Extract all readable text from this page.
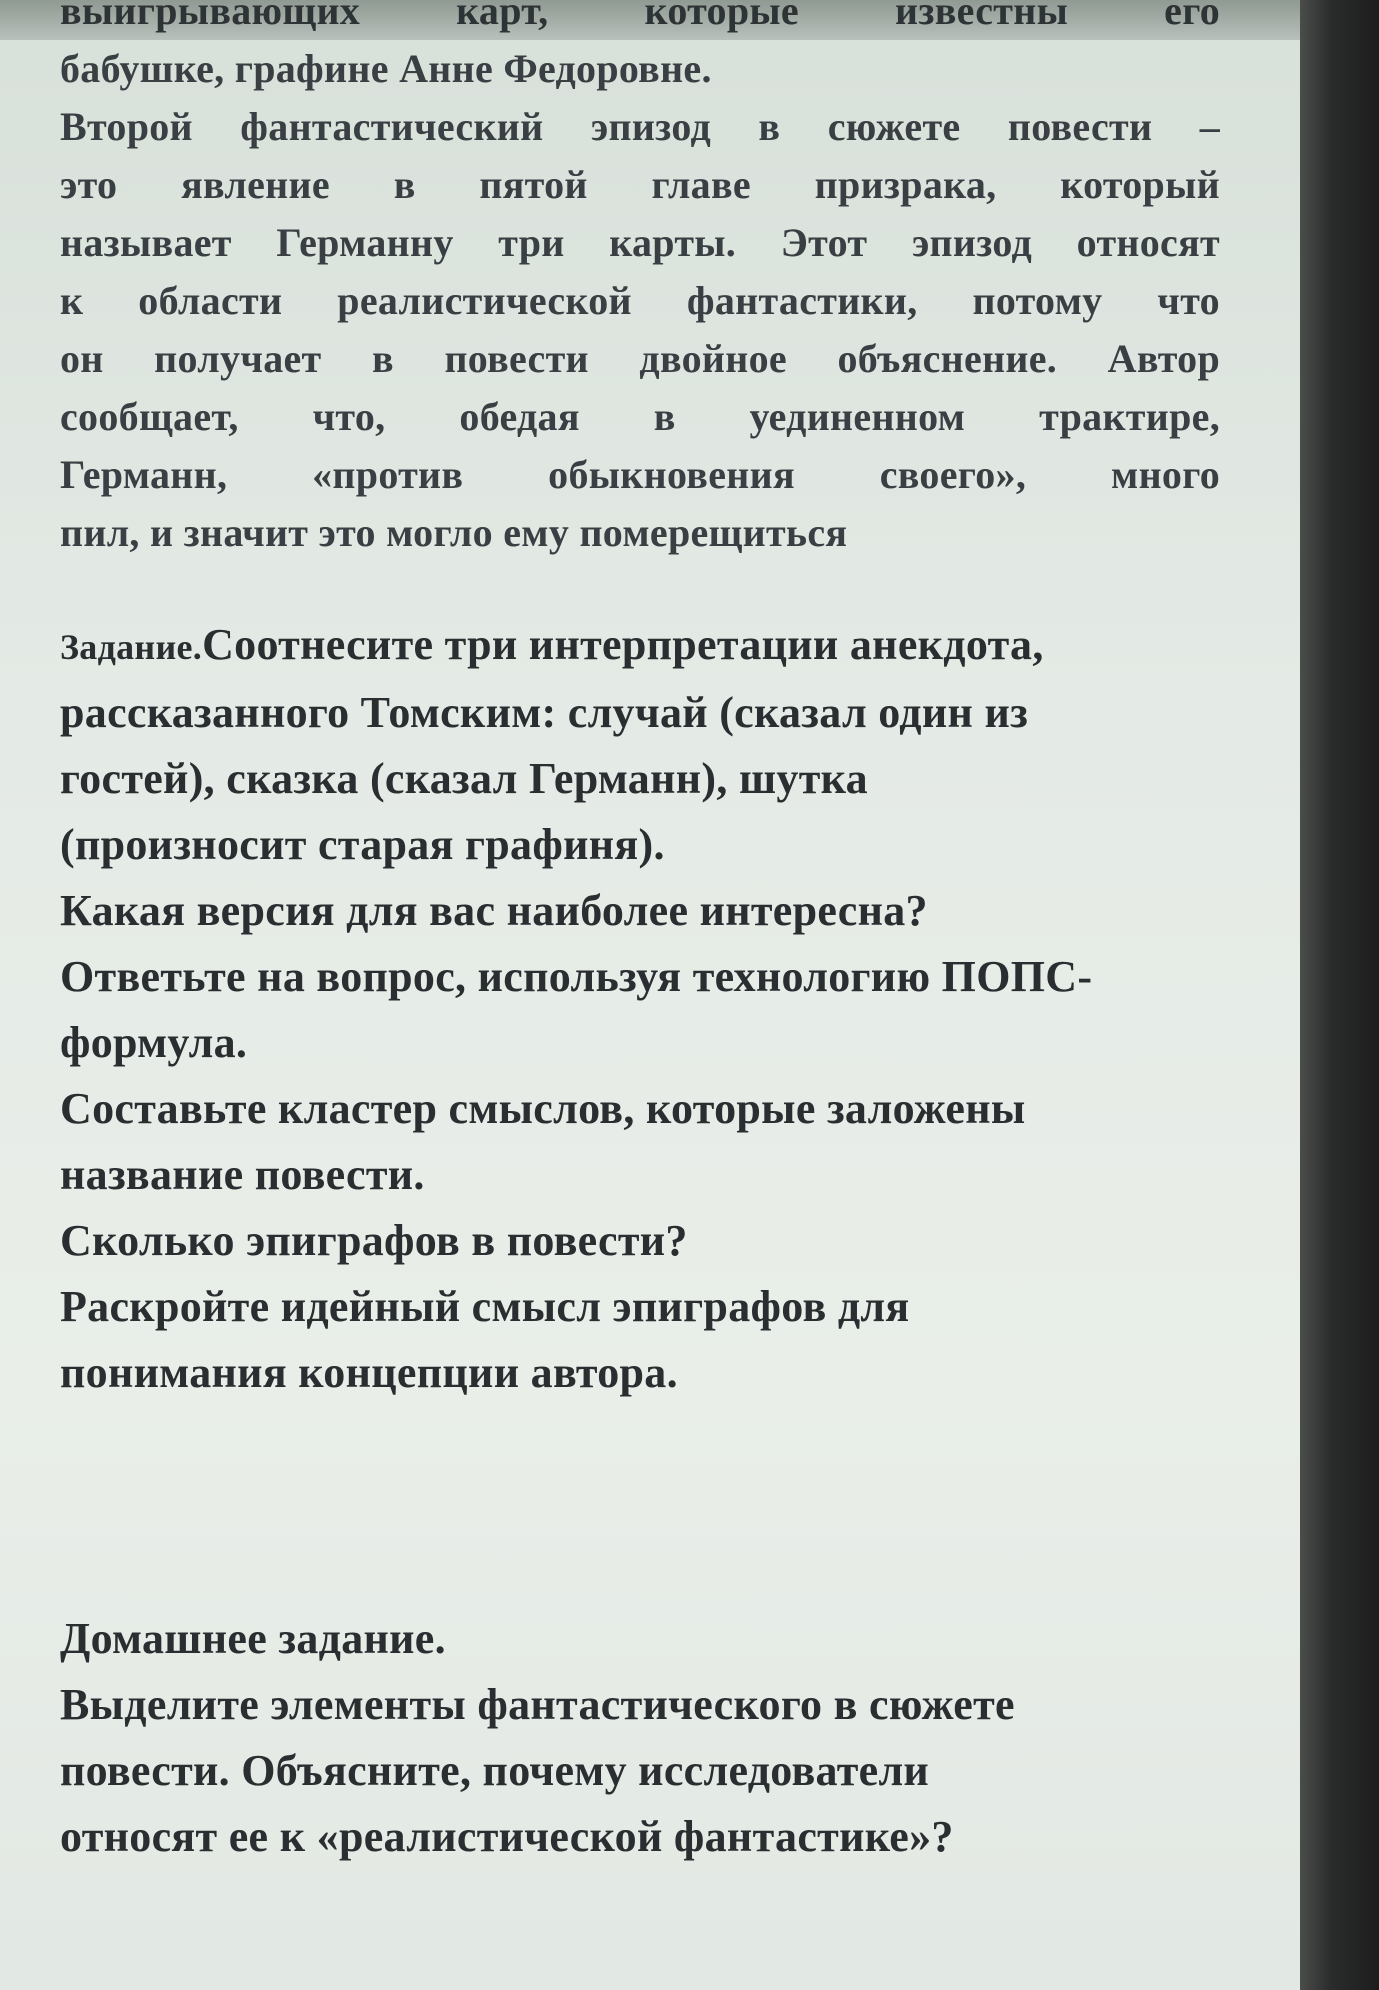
выигрывающих карт, которые известны его
бабушке, графине Анне Федоровне.
Второй фантастический эпизод в сюжете повести –
это явление в пятой главе призрака, который
называет Германну три карты. Этот эпизод относят
к области реалистической фантастики, потому что
он получает в повести двойное объяснение. Автор
сообщает, что, обедая в уединенном трактире,
Германн, «против обыкновения своего», много
пил, и значит это могло ему померещиться
Задание.Соотнесите три интерпретации анекдота,
рассказанного Томским: случай (сказал один из
гостей), сказка (сказал Германн), шутка
(произносит старая графиня).
Какая версия для вас наиболее интересна?
Ответьте на вопрос, используя технологию ПОПС-
формула.
Составьте кластер смыслов, которые заложены
название повести.
Сколько эпиграфов в повести?
Раскройте идейный смысл эпиграфов для
понимания концепции автора.
Домашнее задание.
Выделите элементы фантастического в сюжете
повести. Объясните, почему исследователи
относят ее к «реалистической фантастике»?
